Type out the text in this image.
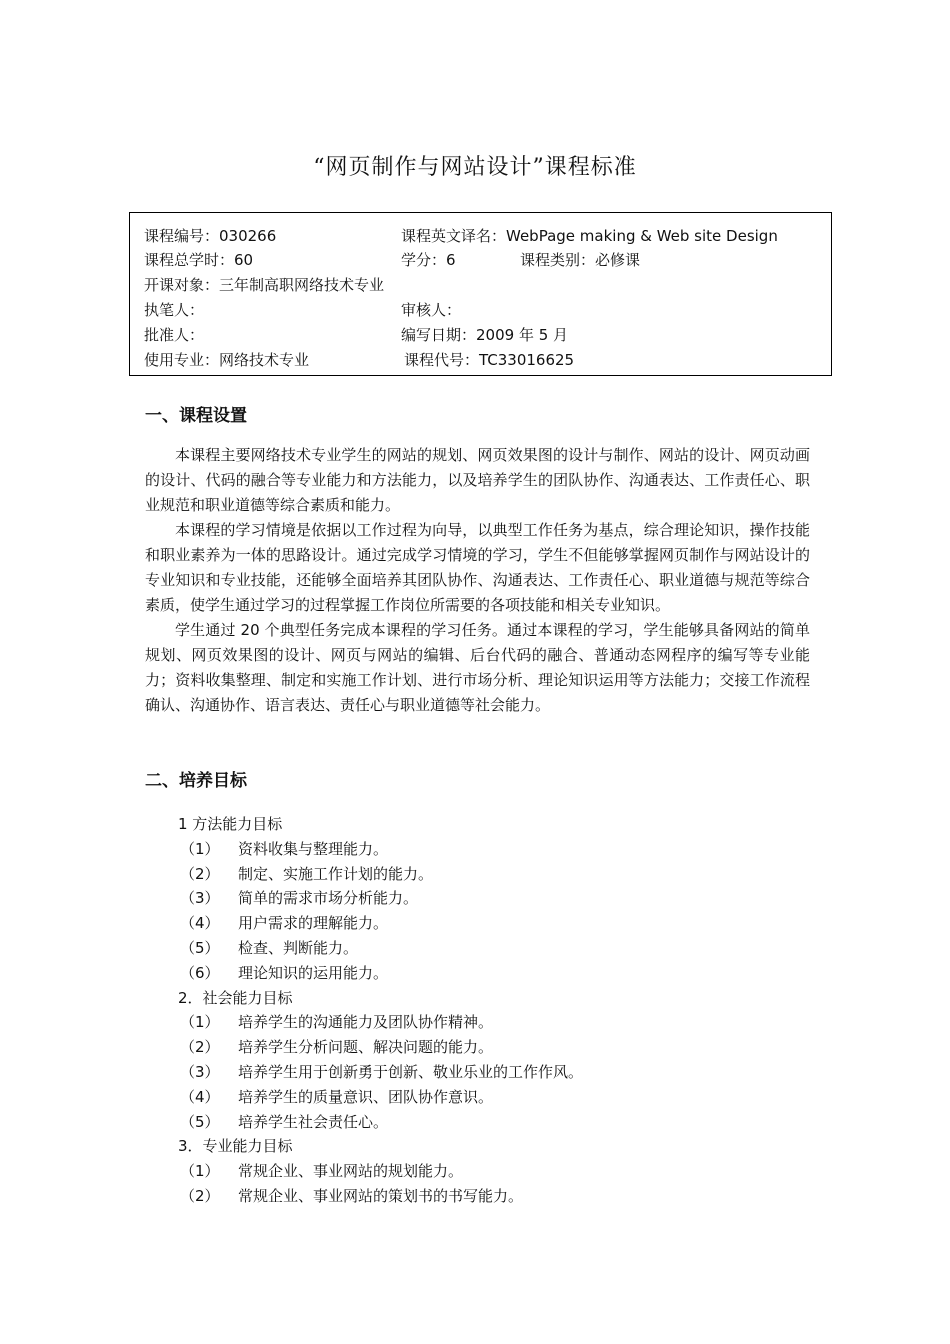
“网页制作与网站设计”课程标准
课程编号：030266	课程英文译名：WebPage making & Web site Design
课程总学时：60	学分：6	课程类别：必修课
开课对象：三年制高职网络技术专业
执笔人：	审核人：
批准人：	编写日期：2009 年 5 月
使用专业：网络技术专业	课程代号：TC33016625
一、课程设置

本课程主要网络技术专业学生的网站的规划、网页效果图的设计与制作、网站的设计、网页动画的设计、代码的融合等专业能力和方法能力，以及培养学生的团队协作、沟通表达、工作责任心、职业规范和职业道德等综合素质和能力。

本课程的学习情境是依据以工作过程为向导，以典型工作任务为基点，综合理论知识，操作技能和职业素养为一体的思路设计。通过完成学习情境的学习，学生不但能够掌握网页制作与网站设计的专业知识和专业技能，还能够全面培养其团队协作、沟通表达、工作责任心、职业道德与规范等综合素质，使学生通过学习的过程掌握工作岗位所需要的各项技能和相关专业知识。

学生通过 20 个典型任务完成本课程的学习任务。通过本课程的学习，学生能够具备网站的简单规划、网页效果图的设计、网页与网站的编辑、后台代码的融合、普通动态网程序的编写等专业能力；资料收集整理、制定和实施工作计划、进行市场分析、理论知识运用等方法能力；交接工作流程确认、沟通协作、语言表达、责任心与职业道德等社会能力。

二、培养目标
1 方法能力目标
（1） 资料收集与整理能力。
（2） 制定、实施工作计划的能力。
（3） 简单的需求市场分析能力。
（4） 用户需求的理解能力。
（5） 检查、判断能力。
（6） 理论知识的运用能力。
2．社会能力目标
（1） 培养学生的沟通能力及团队协作精神。
（2） 培养学生分析问题、解决问题的能力。
（3） 培养学生用于创新勇于创新、敬业乐业的工作作风。
（4） 培养学生的质量意识、团队协作意识。
（5） 培养学生社会责任心。
3．专业能力目标
（1） 常规企业、事业网站的规划能力。
（2） 常规企业、事业网站的策划书的书写能力。
